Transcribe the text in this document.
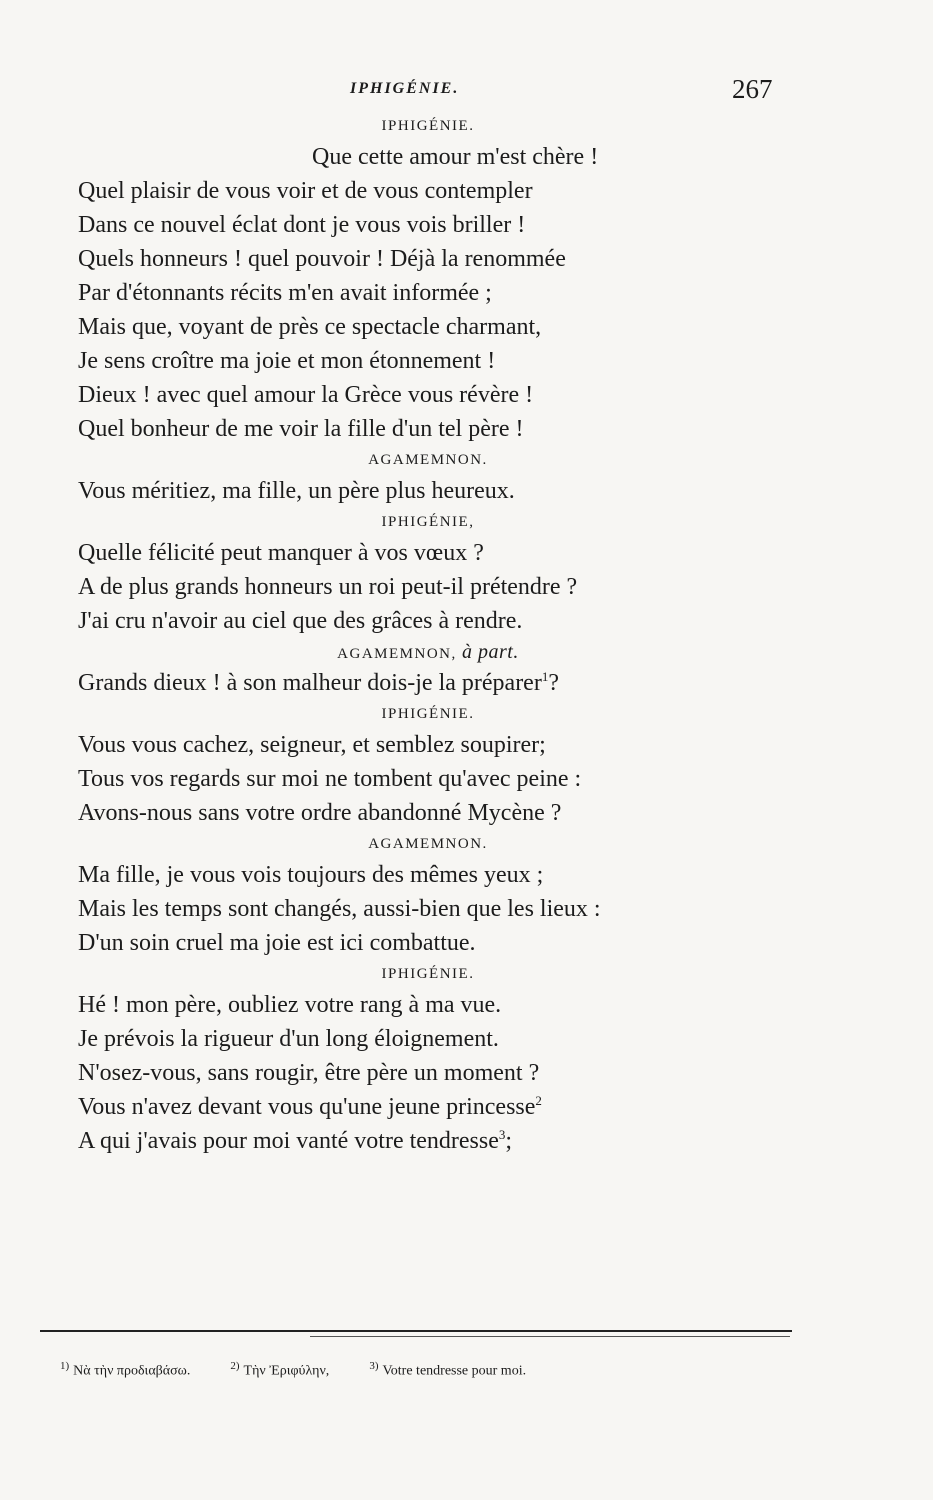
IPHIGÉNIE.	267
IPHIGÉNIE.
Que cette amour m'est chère !
Quel plaisir de vous voir et de vous contempler
Dans ce nouvel éclat dont je vous vois briller !
Quels honneurs ! quel pouvoir ! Déjà la renommée
Par d'étonnants récits m'en avait informée ;
Mais que, voyant de près ce spectacle charmant,
Je sens croître ma joie et mon étonnement !
Dieux ! avec quel amour la Grèce vous révère !
Quel bonheur de me voir la fille d'un tel père !
AGAMEMNON.
Vous méritiez, ma fille, un père plus heureux.
IPHIGÉNIE,
Quelle félicité peut manquer à vos vœux ?
A de plus grands honneurs un roi peut-il prétendre ?
J'ai cru n'avoir au ciel que des grâces à rendre.
AGAMEMNON, à part.
Grands dieux ! à son malheur dois-je la préparer$^1$?
IPHIGÉNIE.
Vous vous cachez, seigneur, et semblez soupirer;
Tous vos regards sur moi ne tombent qu'avec peine :
Avons-nous sans votre ordre abandonné Mycène ?
AGAMEMNON.
Ma fille, je vous vois toujours des mêmes yeux ;
Mais les temps sont changés, aussi-bien que les lieux :
D'un soin cruel ma joie est ici combattue.
IPHIGÉNIE.
Hé ! mon père, oubliez votre rang à ma vue.
Je prévois la rigueur d'un long éloignement.
N'osez-vous, sans rougir, être père un moment ?
Vous n'avez devant vous qu'une jeune princesse$^2$
A qui j'avais pour moi vanté votre tendresse$^3$;
$^{1)}$ Νὰ τὴν προδιαβάσω.	$^{2)}$ Τὴν Ἐριφύλην,	$^{3)}$ Votre tendresse pour moi.
